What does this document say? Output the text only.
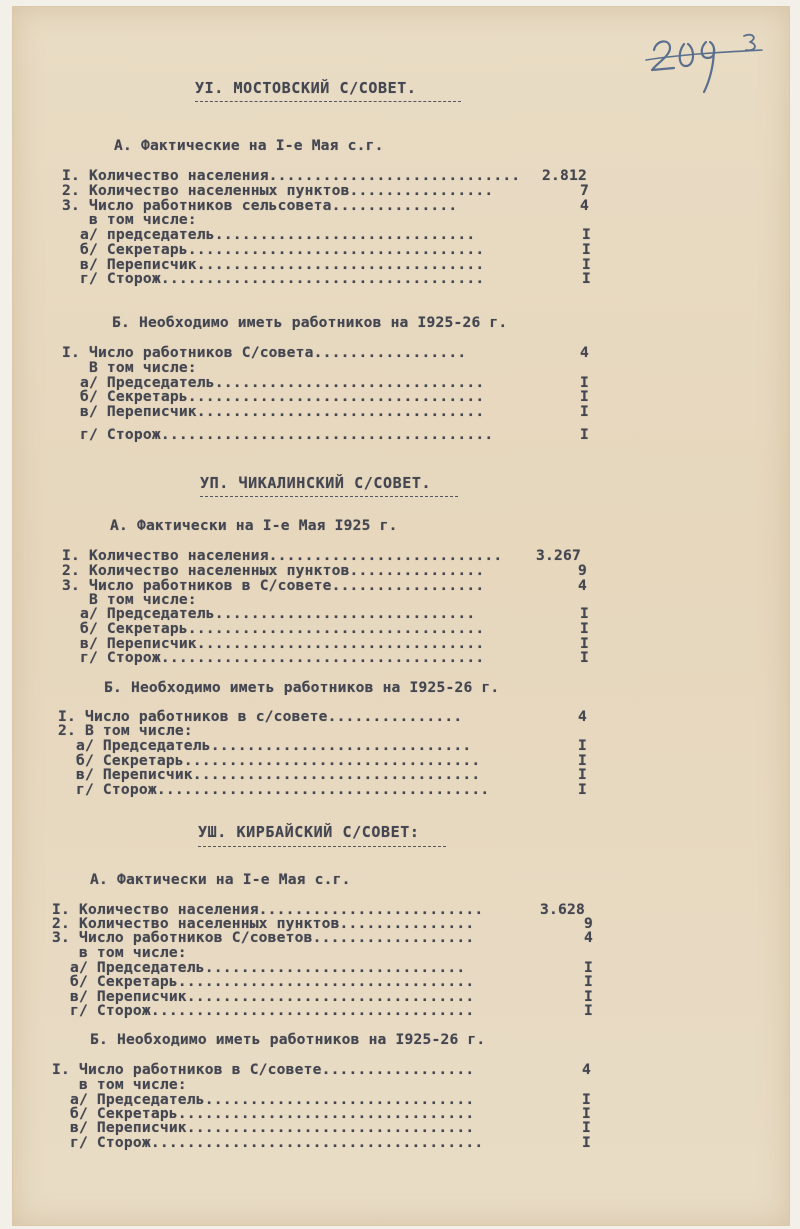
УI. МОСТОВСКИЙ С/СОВЕТ.
А. Фактические на I-е Мая с.г.
I. Количество населения............................ 2.812
2. Количество населенных пунктов................	7
3. Число работников сельсовета..............	4
в том числе:
а/ председатель.............................	I
б/ Секретарь.................................	I
в/ Переписчик................................	I
г/ Сторож....................................	I
Б. Необходимо иметь работников на I925-26 г.
I. Число работников С/совета.................	4
В том числе:
а/ Председатель..............................	I
б/ Секретарь.................................	I
в/ Переписчик................................	I
г/ Сторож.....................................	I
УП. ЧИКАЛИНСКИЙ С/СОВЕТ.
А. Фактически на I-е Мая I925 г.
I. Количество населения.......................... 3.267
2. Количество населенных пунктов...............	9
3. Число работников в С/совете.................	4
В том числе:
а/ Председатель.............................	I
б/ Секретарь.................................	I
в/ Переписчик................................	I
г/ Сторож....................................	I
Б. Необходимо иметь работников на I925-26 г.
I. Число работников в с/совете...............	4
2. В том числе:
а/ Председатель.............................	I
б/ Секретарь.................................	I
в/ Переписчик................................	I
г/ Сторож.....................................	I
УШ. КИРБАЙСКИЙ С/СОВЕТ:
А. Фактически на I-е Мая с.г.
I. Количество населения.........................	3.628
2. Количество населенных пунктов...............	9
3. Число работников С/советов..................	4
в том числе:
а/ Председатель.............................	I
б/ Секретарь.................................	I
в/ Переписчик................................	I
г/ Сторож....................................	I
Б. Необходимо иметь работников на I925-26 г.
I. Число работников в С/совете.................	4
в том числе:
а/ Председатель..............................	I
б/ Секретарь.................................	I
в/ Переписчик................................	I
г/ Сторож.....................................	I
